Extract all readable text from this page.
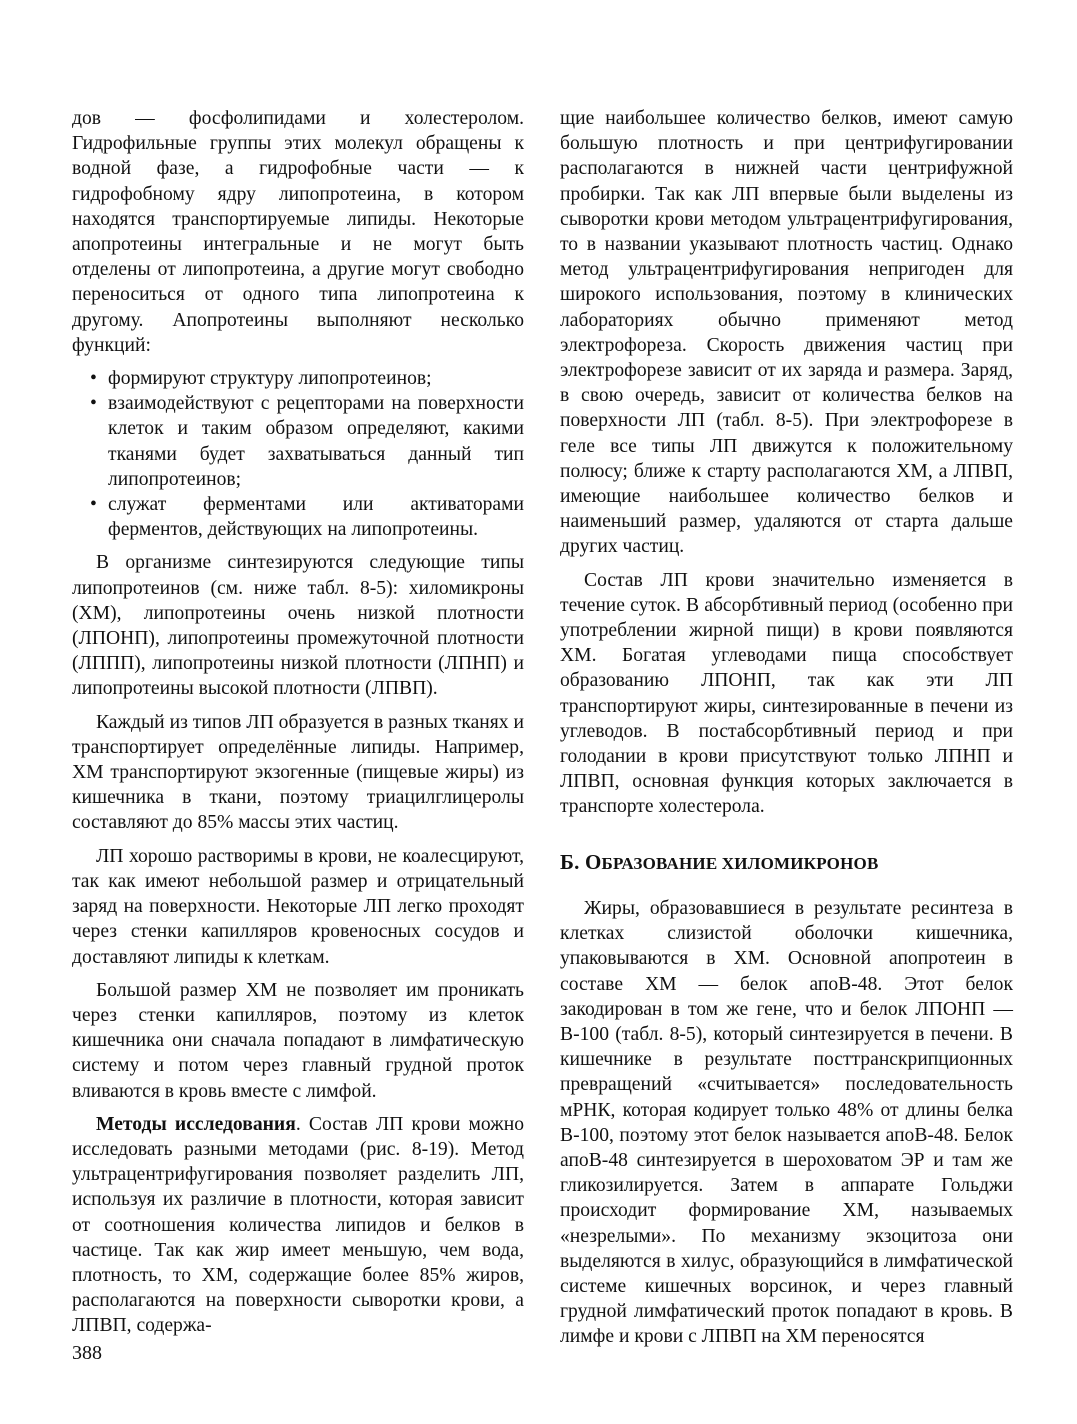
дов — фосфолипидами и холестеролом. Гидрофильные группы этих молекул обращены к водной фазе, а гидрофобные части — к гидрофобному ядру липопротеина, в котором находятся транспортируемые липиды. Некоторые апопротеины интегральные и не могут быть отделены от липопротеина, а другие могут свободно переноситься от одного типа липопротеина к другому. Апопротеины выполняют несколько функций:

• формируют структуру липопротеинов;
• взаимодействуют с рецепторами на поверхности клеток и таким образом определяют, какими тканями будет захватываться данный тип липопротеинов;
• служат ферментами или активаторами ферментов, действующих на липопротеины.

В организме синтезируются следующие типы липопротеинов (см. ниже табл. 8-5): хиломикроны (ХМ), липопротеины очень низкой плотности (ЛПОНП), липопротеины промежуточной плотности (ЛППП), липопротеины низкой плотности (ЛПНП) и липопротеины высокой плотности (ЛПВП).

Каждый из типов ЛП образуется в разных тканях и транспортирует определённые липиды. Например, ХМ транспортируют экзогенные (пищевые жиры) из кишечника в ткани, поэтому триацилглицеролы составляют до 85% массы этих частиц.

ЛП хорошо растворимы в крови, не коалесцируют, так как имеют небольшой размер и отрицательный заряд на поверхности. Некоторые ЛП легко проходят через стенки капилляров кровеносных сосудов и доставляют липиды к клеткам.

Большой размер ХМ не позволяет им проникать через стенки капилляров, поэтому из клеток кишечника они сначала попадают в лимфатическую систему и потом через главный грудной проток вливаются в кровь вместе с лимфой.

Методы исследования. Состав ЛП крови можно исследовать разными методами (рис. 8-19). Метод ультрацентрифугирования позволяет разделить ЛП, используя их различие в плотности, которая зависит от соотношения количества липидов и белков в частице. Так как жир имеет меньшую, чем вода, плотность, то ХМ, содержащие более 85% жиров, располагаются на поверхности сыворотки крови, а ЛПВП, содержа-

щие наибольшее количество белков, имеют самую большую плотность и при центрифугировании располагаются в нижней части центрифужной пробирки. Так как ЛП впервые были выделены из сыворотки крови методом ультрацентрифугирования, то в названии указывают плотность частиц. Однако метод ультрацентрифугирования непригоден для широкого использования, поэтому в клинических лабораториях обычно применяют метод электрофореза. Скорость движения частиц при электрофорезе зависит от их заряда и размера. Заряд, в свою очередь, зависит от количества белков на поверхности ЛП (табл. 8-5). При электрофорезе в геле все типы ЛП движутся к положительному полюсу; ближе к старту располагаются ХМ, а ЛПВП, имеющие наибольшее количество белков и наименьший размер, удаляются от старта дальше других частиц.

Состав ЛП крови значительно изменяется в течение суток. В абсорбтивный период (особенно при употреблении жирной пищи) в крови появляются ХМ. Богатая углеводами пища способствует образованию ЛПОНП, так как эти ЛП транспортируют жиры, синтезированные в печени из углеводов. В постабсорбтивный период и при голодании в крови присутствуют только ЛПНП и ЛПВП, основная функция которых заключается в транспорте холестерола.

Б. ОБРАЗОВАНИЕ ХИЛОМИКРОНОВ

Жиры, образовавшиеся в результате ресинтеза в клетках слизистой оболочки кишечника, упаковываются в ХМ. Основной апопротеин в составе ХМ — белок апоВ-48. Этот белок закодирован в том же гене, что и белок ЛПОНП — В-100 (табл. 8-5), который синтезируется в печени. В кишечнике в результате посттранскрипционных превращений «считывается» последовательность мРНК, которая кодирует только 48% от длины белка В-100, поэтому этот белок называется апоВ-48. Белок апоВ-48 синтезируется в шероховатом ЭР и там же гликозилируется. Затем в аппарате Гольджи происходит формирование ХМ, называемых «незрелыми». По механизму экзоцитоза они выделяются в хилус, образующийся в лимфатической системе кишечных ворсинок, и через главный грудной лимфатический проток попадают в кровь. В лимфе и крови с ЛПВП на ХМ переносятся

388
